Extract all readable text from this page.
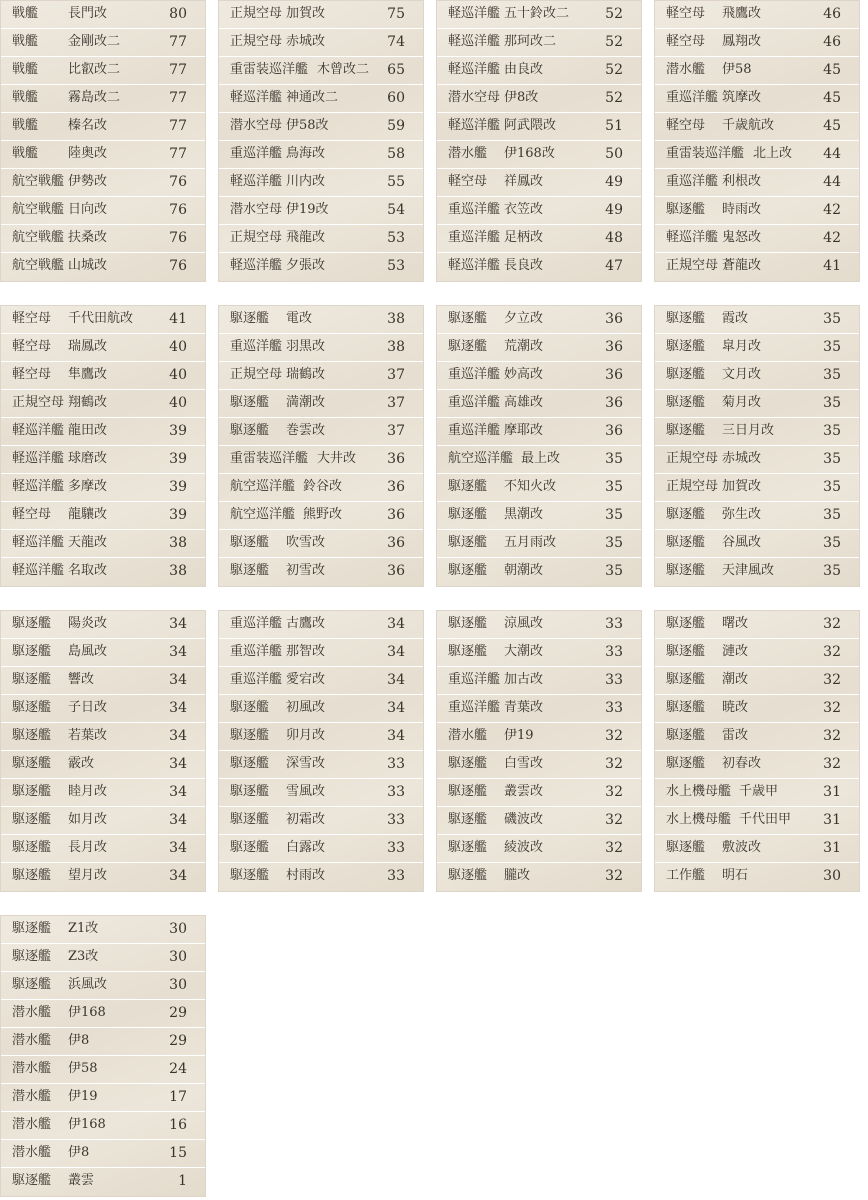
戦艦 長門改	80
戦艦 金剛改二	77
戦艦 比叡改二	77
戦艦 霧島改二	77
戦艦 榛名改	77
戦艦 陸奥改	77
航空戦艦 伊勢改	76
航空戦艦 日向改	76
航空戦艦 扶桑改	76
航空戦艦 山城改	76
正規空母 加賀改	75
正規空母 赤城改	74
重雷装巡洋艦 木曾改二 65
軽巡洋艦 神通改二	60
潜水空母 伊58改	59
重巡洋艦 鳥海改	58
軽巡洋艦 川内改	55
潜水空母 伊19改	54
正規空母 飛龍改	53
軽巡洋艦 夕張改	53
軽巡洋艦 五十鈴改二	52
軽巡洋艦 那珂改二	52
軽巡洋艦 由良改	52
潜水空母 伊8改	52
軽巡洋艦 阿武隈改	51
潜水艦 伊168改	50
軽空母 祥鳳改	49
重巡洋艦 衣笠改	49
重巡洋艦 足柄改	48
軽巡洋艦 長良改	47
軽空母 飛鷹改	46
軽空母 鳳翔改	46
潜水艦 伊58	45
重巡洋艦 筑摩改	45
軽空母 千歳航改	45
重雷装巡洋艦 北上改 44
重巡洋艦 利根改	44
駆逐艦 時雨改	42
軽巡洋艦 鬼怒改	42
正規空母 蒼龍改	41
軽空母 千代田航改	41
軽空母 瑞鳳改	40
軽空母 隼鷹改	40
正規空母 翔鶴改	40
軽巡洋艦 龍田改	39
軽巡洋艦 球磨改	39
軽巡洋艦 多摩改	39
軽空母 龍驤改	39
軽巡洋艦 天龍改	38
軽巡洋艦 名取改	38
駆逐艦 電改	38
重巡洋艦 羽黒改	38
正規空母 瑞鶴改	37
駆逐艦 満潮改	37
駆逐艦 巻雲改	37
重雷装巡洋艦 大井改 36
航空巡洋艦 鈴谷改	36
航空巡洋艦 熊野改	36
駆逐艦 吹雪改	36
駆逐艦 初雪改	36
駆逐艦 夕立改	36
駆逐艦 荒潮改	36
重巡洋艦 妙高改	36
重巡洋艦 高雄改	36
重巡洋艦 摩耶改	36
航空巡洋艦 最上改	35
駆逐艦 不知火改	35
駆逐艦 黒潮改	35
駆逐艦 五月雨改	35
駆逐艦 朝潮改	35
駆逐艦 霞改	35
駆逐艦 皐月改	35
駆逐艦 文月改	35
駆逐艦 菊月改	35
駆逐艦 三日月改	35
正規空母 赤城改	35
正規空母 加賀改	35
駆逐艦 弥生改	35
駆逐艦 谷風改	35
駆逐艦 天津風改	35
駆逐艦 陽炎改	34
駆逐艦 島風改	34
駆逐艦 響改	34
駆逐艦 子日改	34
駆逐艦 若葉改	34
駆逐艦 霰改	34
駆逐艦 睦月改	34
駆逐艦 如月改	34
駆逐艦 長月改	34
駆逐艦 望月改	34
重巡洋艦 古鷹改	34
重巡洋艦 那智改	34
重巡洋艦 愛宕改	34
駆逐艦 初風改	34
駆逐艦 卯月改	34
駆逐艦 深雪改	33
駆逐艦 雪風改	33
駆逐艦 初霜改	33
駆逐艦 白露改	33
駆逐艦 村雨改	33
駆逐艦 涼風改	33
駆逐艦 大潮改	33
重巡洋艦 加古改	33
重巡洋艦 青葉改	33
潜水艦 伊19	32
駆逐艦 白雪改	32
駆逐艦 叢雲改	32
駆逐艦 磯波改	32
駆逐艦 綾波改	32
駆逐艦 朧改	32
駆逐艦 曙改	32
駆逐艦 漣改	32
駆逐艦 潮改	32
駆逐艦 暁改	32
駆逐艦 雷改	32
駆逐艦 初春改	32
水上機母艦 千歳甲	31
水上機母艦 千代田甲 31
駆逐艦 敷波改	31
工作艦 明石	30
駆逐艦 Z1改	30
駆逐艦 Z3改	30
駆逐艦 浜風改	30
潜水艦 伊168	29
潜水艦 伊8	29
潜水艦 伊58	24
潜水艦 伊19	17
潜水艦 伊168	16
潜水艦 伊8	15
駆逐艦 叢雲	1
